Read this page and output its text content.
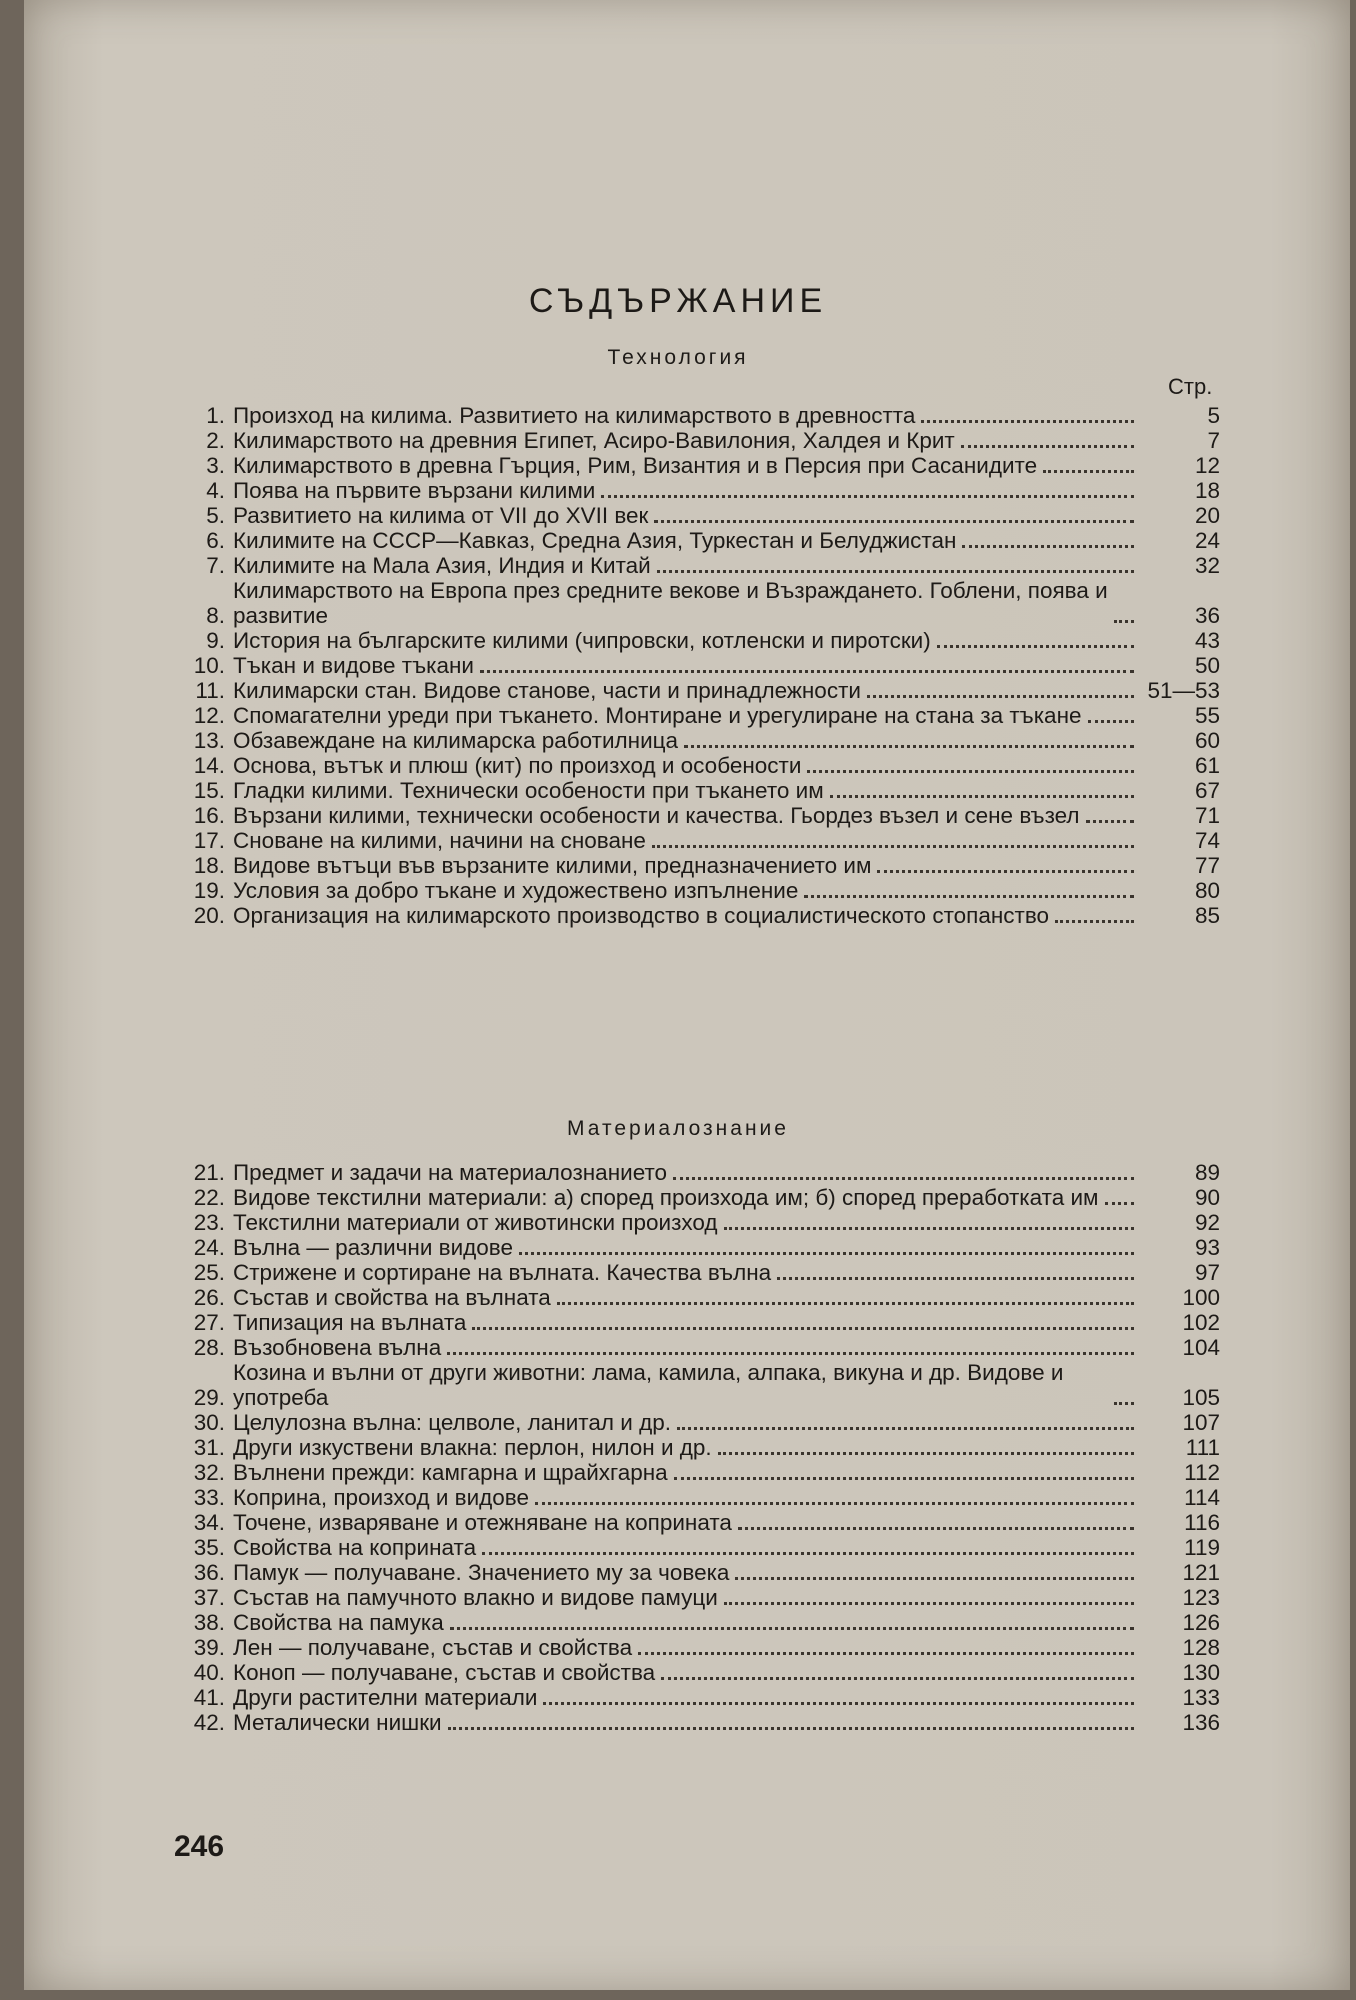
СЪДЪРЖАНИЕ
Технология
Стр.
1. Произход на килима. Развитието на килимарството в древността	5
2. Килимарството на древния Египет, Асиро-Вавилония, Халдея и Крит	7
3. Килимарството в древна Гърция, Рим, Византия и в Персия при Сасанидите	12
4. Поява на първите вързани килими	18
5. Развитието на килима от VII до XVII век	20
6. Килимите на СССР—Кавказ, Средна Азия, Туркестан и Белуджистан	24
7. Килимите на Мала Азия, Индия и Китай	32
8.
Килимарството на Европа през средните векове и Възраждането. Гоблени, поява и развитие	36
9. История на българските килими (чипровски, котленски и пиротски)	43
10. Тъкан и видове тъкани	50
11. Килимарски стан. Видове станове, части и принадлежности	51—53
12. Спомагателни уреди при тъкането. Монтиране и урегулиране на стана за тъкане	55
13. Обзавеждане на килимарска работилница	60
14. Основа, вътък и плюш (кит) по произход и особености	61
15. Гладки килими. Технически особености при тъкането им	67
16. Вързани килими, технически особености и качества. Гьордез възел и сене възел	71
17. Сноване на килими, начини на сноване	74
18. Видове вътъци във вързаните килими, предназначението им	77
19. Условия за добро тъкане и художествено изпълнение	80
20. Организация на килимарското производство в социалистическото стопанство	85
Материалознание
21. Предмет и задачи на материалознанието	89
22. Видове текстилни материали: а) според произхода им; б) според преработката им	90
23. Текстилни материали от животински произход	92
24. Вълна — различни видове	93
25. Стрижене и сортиране на вълната. Качества вълна	97
26. Състав и свойства на вълната	100
27. Типизация на вълната	102
28. Възобновена вълна	104
29.
Козина и вълни от други животни: лама, камила, алпака, викуна и др. Видове и употреба	105
30. Целулозна вълна: целволе, ланитал и др.	107
31. Други изкуствени влакна: перлон, нилон и др.	111
32. Вълнени прежди: камгарна и щрайхгарна	112
33. Коприна, произход и видове	114
34. Точене, изваряване и отежняване на коприната	116
35. Свойства на коприната	119
36. Памук — получаване. Значението му за човека	121
37. Състав на памучното влакно и видове памуци	123
38. Свойства на памука	126
39. Лен — получаване, състав и свойства	128
40. Коноп — получаване, състав и свойства	130
41. Други растителни материали	133
42. Металически нишки	136
246
